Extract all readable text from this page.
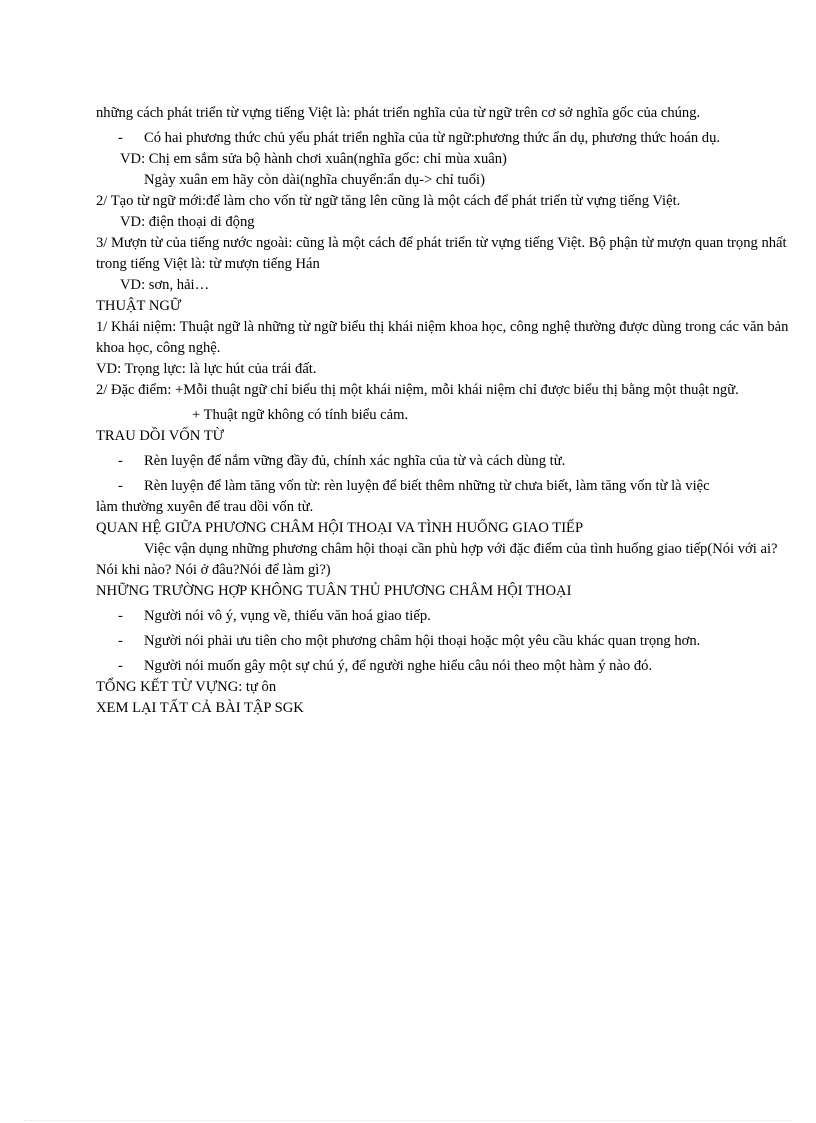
những cách phát triển từ vựng tiếng Việt là: phát triển nghĩa của từ ngữ trên cơ sở nghĩa gốc của chúng.

- Có hai phương thức chủ yếu phát triển nghĩa của từ ngữ:phương thức ẩn dụ, phương thức hoán dụ.

VD: Chị em sắm sửa bộ hành chơi xuân(nghĩa gốc: chỉ mùa xuân)

Ngày xuân em hãy còn dài(nghĩa chuyển:ẩn dụ-> chỉ tuổi)

2/ Tạo từ ngữ mới:để làm cho vốn từ ngữ tăng lên cũng là một cách để phát triển từ vựng tiếng Việt.

VD: điện thoại di động

3/ Mượn từ của tiếng nước ngoài: cũng là một cách để phát triển từ vựng tiếng Việt. Bộ phận từ mượn quan trọng nhất trong tiếng Việt là: từ mượn tiếng Hán

VD: sơn, hải…

THUẬT NGỮ

1/ Khái niệm: Thuật ngữ là những từ ngữ biểu thị khái niệm khoa học, công nghệ thường được dùng trong các văn bản khoa học, công nghệ.

VD: Trọng lực: là lực hút của trái đất.

2/ Đặc điểm: +Mỗi thuật ngữ chỉ biểu thị một khái niệm, mỗi khái niệm chỉ được biểu thị bằng một thuật ngữ.

+ Thuật ngữ không có tính biểu cảm.

TRAU DỒI VỐN TỪ

- Rèn luyện để nắm vững đầy đủ, chính xác nghĩa của từ và cách dùng từ.

- Rèn luyện để làm tăng vốn từ: rèn luyện để biết thêm những từ chưa biết, làm tăng vốn từ là việc

làm thường xuyên để trau dồi vốn từ.

QUAN HỆ GIỮA PHƯƠNG CHÂM HỘI THOẠI VA TÌNH HUỐNG GIAO TIẾP

Việc vận dụng những phương châm hội thoại cần phù hợp với đặc điểm của tình huống giao tiếp(Nói với ai? Nói khi nào? Nói ở đâu?Nói để làm gì?)

NHỮNG TRƯỜNG HỢP KHÔNG TUÂN THỦ PHƯƠNG CHÂM HỘI THOẠI

- Người nói vô ý, vụng về, thiếu văn hoá giao tiếp.

- Người nói phải ưu tiên cho một phương châm hội thoại hoặc một yêu cầu khác quan trọng hơn.

- Người nói muốn gây một sự chú ý, để người nghe hiểu câu nói theo một hàm ý nào đó.

TỔNG KẾT TỪ VỰNG: tự ôn

XEM LẠI TẤT CẢ BÀI TẬP SGK
